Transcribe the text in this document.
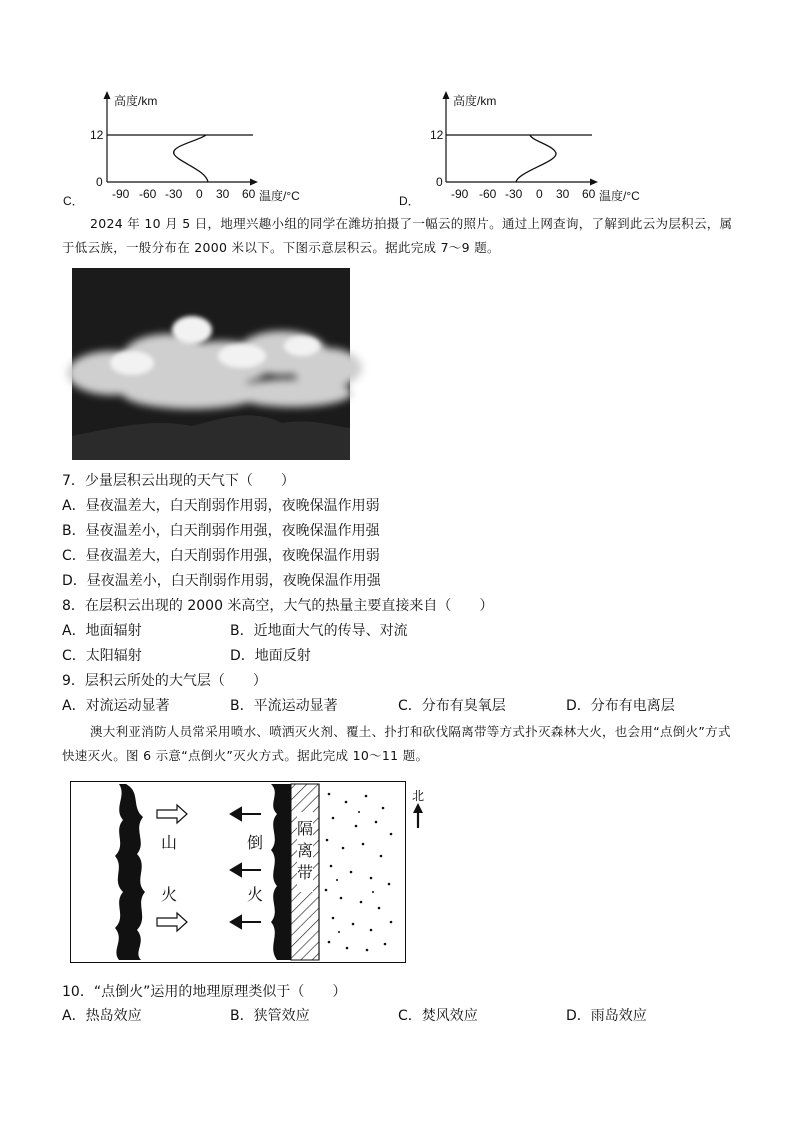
高度/km
12
0
-90 -60 -30 0 30 60 温度/°C
C．
高度/km
12
0
-90 -60 -30 0 30 60 温度/°C
D．
2024 年 10 月 5 日，地理兴趣小组的同学在潍坊拍摄了一幅云的照片。通过上网查询，了解到此云为层积云，属于低云族，一般分布在 2000 米以下。下图示意层积云。据此完成 7～9 题。
7．少量层积云出现的天气下（　　）
A．昼夜温差大，白天削弱作用弱，夜晚保温作用弱
B．昼夜温差小，白天削弱作用强，夜晚保温作用强
C．昼夜温差大，白天削弱作用强，夜晚保温作用弱
D．昼夜温差小，白天削弱作用弱，夜晚保温作用强
8．在层积云出现的 2000 米高空，大气的热量主要直接来自（　　）
A．地面辐射	B．近地面大气的传导、对流
C．太阳辐射	D．地面反射
9．层积云所处的大气层（　　）
A．对流运动显著	B．平流运动显著	C．分布有臭氧层	D．分布有电离层
澳大利亚消防人员常采用喷水、喷洒灭火剂、覆土、扑打和砍伐隔离带等方式扑灭森林大火，也会用“点倒火”方式快速灭火。图 6 示意“点倒火”灭火方式。据此完成 10～11 题。
山
火
倒
火
隔
离
带
北
10．“点倒火”运用的地理原理类似于（　　）
A．热岛效应	B．狭管效应	C．焚风效应	D．雨岛效应
